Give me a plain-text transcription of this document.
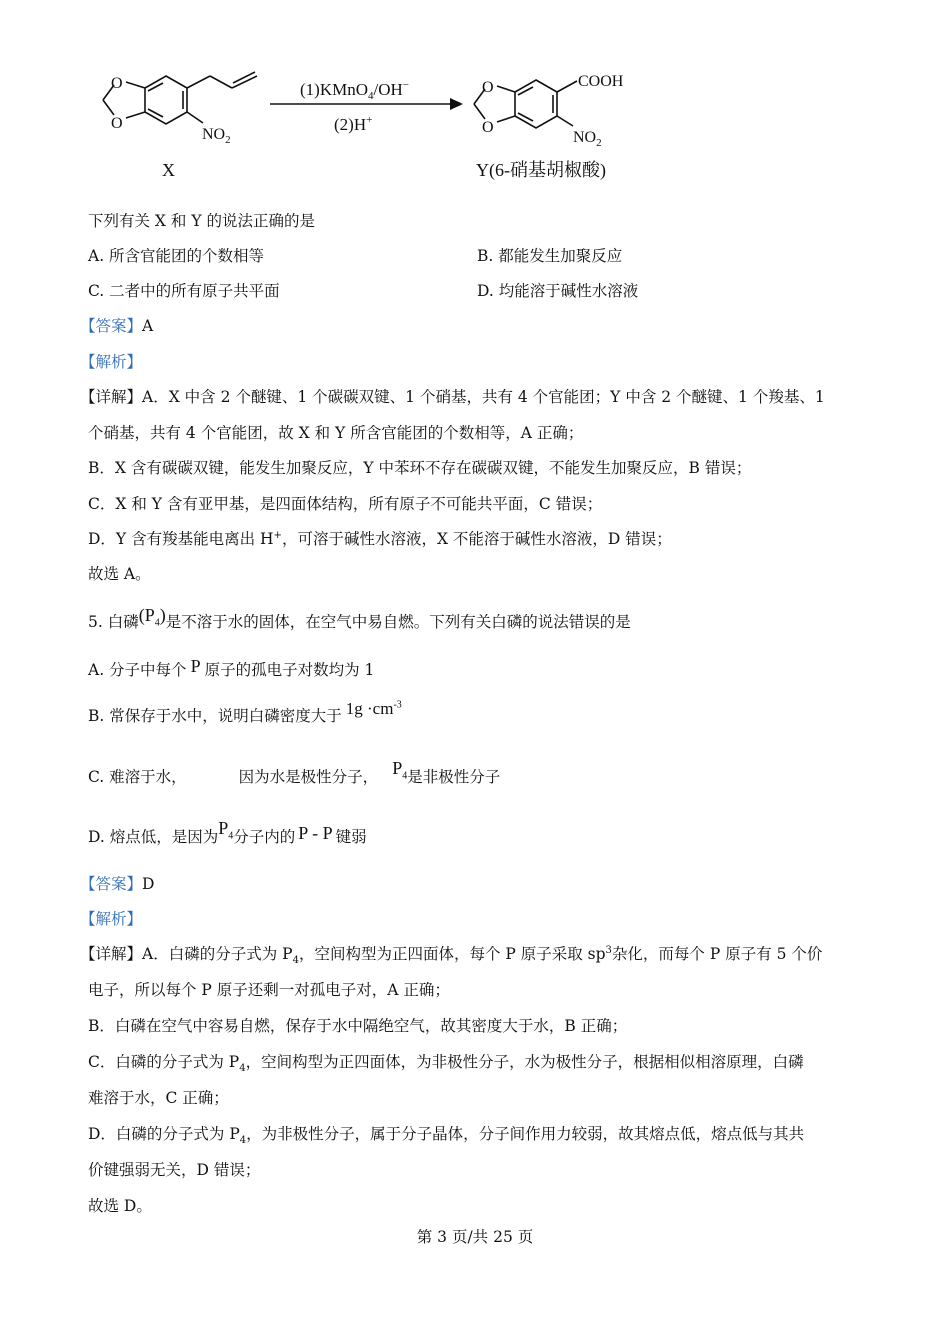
O
O
$NO_2$
X
(1)KMnO$_4$/OH−
(2)H+
O
O
COOH
$NO_2$
Y(6-硝基胡椒酸)
下列有关 X 和 Y 的说法正确的是
A. 所含官能团的个数相等	B. 都能发生加聚反应
C. 二者中的所有原子共平面	D. 均能溶于碱性水溶液
【答案】A
【解析】
【详解】A．X 中含 2 个醚键、1 个碳碳双键、1 个硝基，共有 4 个官能团；Y 中含 2 个醚键、1 个羧基、1
个硝基，共有 4 个官能团，故 X 和 Y 所含官能团的个数相等，A 正确；
B．X 含有碳碳双键，能发生加聚反应，Y 中苯环不存在碳碳双键，不能发生加聚反应，B 错误；
C．X 和 Y 含有亚甲基，是四面体结构，所有原子不可能共平面，C 错误；
D．Y 含有羧基能电离出 H+，可溶于碱性水溶液，X 不能溶于碱性水溶液，D 错误；
故选 A。
5. 白磷$(P_4)$是不溶于水的固体，在空气中易自燃。下列有关白磷的说法错误的是
A. 分子中每个 P 原子的孤电子对数均为 1
B. 常保存于水中，说明白磷密度大于 $1g \cdot cm^{-3}$
C. 难溶于水，	因为水是极性分子， $P_4$是非极性分子
D. 熔点低，是因为$P_4$分子内的 P - P 键弱
【答案】D
【解析】
【详解】A．白磷的分子式为 $P_4$，空间构型为正四面体，每个 P 原子采取 $sp^3$杂化，而每个 P 原子有 5 个价
电子，所以每个 P 原子还剩一对孤电子对，A 正确；
B．白磷在空气中容易自燃，保存于水中隔绝空气，故其密度大于水，B 正确；
C．白磷的分子式为 $P_4$，空间构型为正四面体，为非极性分子，水为极性分子，根据相似相溶原理，白磷
难溶于水，C 正确；
D．白磷的分子式为 $P_4$，为非极性分子，属于分子晶体，分子间作用力较弱，故其熔点低，熔点低与其共
价键强弱无关，D 错误；
故选 D。
第 3 页/共 25 页
